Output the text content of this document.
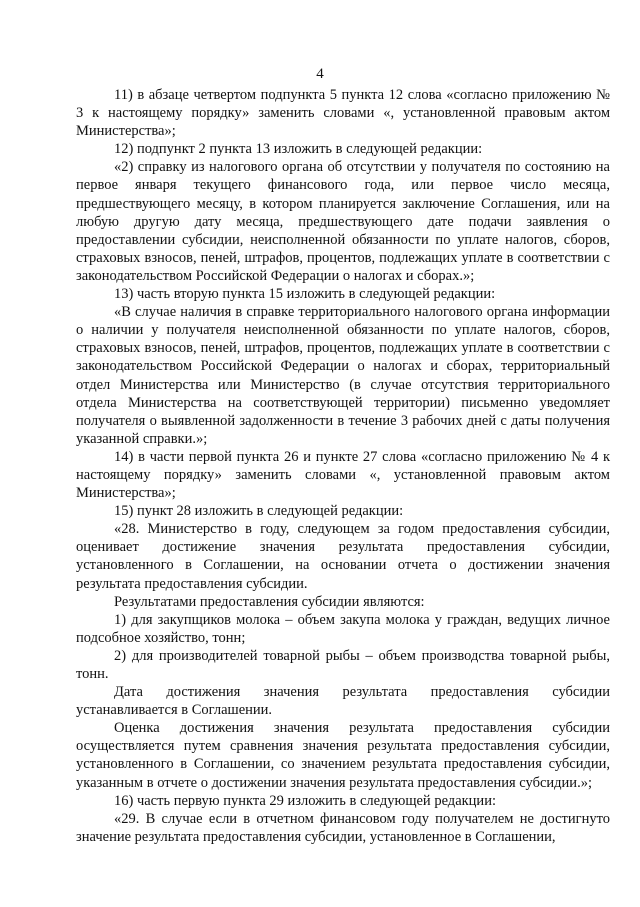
4

11) в абзаце четвертом подпункта 5 пункта 12 слова «согласно приложению № 3 к настоящему порядку» заменить словами «, установленной правовым актом Министерства»;

12) подпункт 2 пункта 13 изложить в следующей редакции:

«2) справку из налогового органа об отсутствии у получателя по состоянию на первое января текущего финансового года, или первое число месяца, предшествующего месяцу, в котором планируется заключение Соглашения, или на любую другую дату месяца, предшествующего дате подачи заявления о предоставлении субсидии, неисполненной обязанности по уплате налогов, сборов, страховых взносов, пеней, штрафов, процентов, подлежащих уплате в соответствии с законодательством Российской Федерации о налогах и сборах.»;

13) часть вторую пункта 15 изложить в следующей редакции:

«В случае наличия в справке территориального налогового органа информации о наличии у получателя неисполненной обязанности по уплате налогов, сборов, страховых взносов, пеней, штрафов, процентов, подлежащих уплате в соответствии с законодательством Российской Федерации о налогах и сборах, территориальный отдел Министерства или Министерство (в случае отсутствия территориального отдела Министерства на соответствующей территории) письменно уведомляет получателя о выявленной задолженности в течение 3 рабочих дней с даты получения указанной справки.»;

14) в части первой пункта 26 и пункте 27 слова «согласно приложению № 4 к настоящему порядку» заменить словами «, установленной правовым актом Министерства»;

15) пункт 28 изложить в следующей редакции:

«28. Министерство в году, следующем за годом предоставления субсидии, оценивает достижение значения результата предоставления субсидии, установленного в Соглашении, на основании отчета о достижении значения результата предоставления субсидии.

Результатами предоставления субсидии являются:

1) для закупщиков молока – объем закупа молока у граждан, ведущих личное подсобное хозяйство, тонн;

2) для производителей товарной рыбы – объем производства товарной рыбы, тонн.

Дата достижения значения результата предоставления субсидии устанавливается в Соглашении.

Оценка достижения значения результата предоставления субсидии осуществляется путем сравнения значения результата предоставления субсидии, установленного в Соглашении, со значением результата предоставления субсидии, указанным в отчете о достижении значения результата предоставления субсидии.»;

16) часть первую пункта 29 изложить в следующей редакции:

«29. В случае если в отчетном финансовом году получателем не достигнуто значение результата предоставления субсидии, установленное в Соглашении,
